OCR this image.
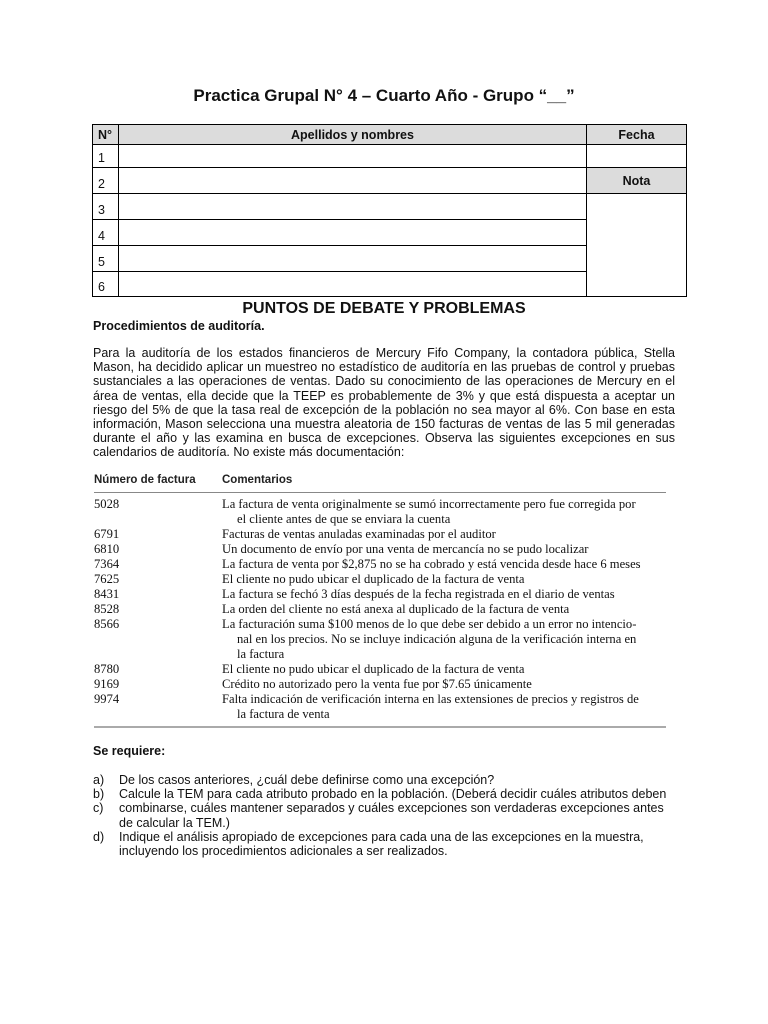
Practica Grupal N° 4 – Cuarto Año - Grupo “__”
N°	Apellidos y nombres	Fecha
1		
2		Nota
3		
4		
5		
6		
PUNTOS DE DEBATE Y PROBLEMAS
Procedimientos de auditoría.
Para la auditoría de los estados financieros de Mercury Fifo Company, la contadora pública, Stella Mason, ha decidido aplicar un muestreo no estadístico de auditoría en las pruebas de control y pruebas sustanciales a las operaciones de ventas. Dado su conocimiento de las operaciones de Mercury en el área de ventas, ella decide que la TEEP es probablemente de 3% y que está dispuesta a aceptar un riesgo del 5% de que la tasa real de excepción de la población no sea mayor al 6%. Con base en esta información, Mason selecciona una muestra aleatoria de 150 facturas de ventas de las 5 mil generadas durante el año y las examina en busca de excepciones. Observa las siguientes excepciones en sus calendarios de auditoría. No existe más documentación:
Número de factura	Comentarios
5028	La factura de venta originalmente se sumó incorrectamente pero fue corregida por
el cliente antes de que se enviara la cuenta
6791	Facturas de ventas anuladas examinadas por el auditor
6810	Un documento de envío por una venta de mercancía no se pudo localizar
7364	La factura de venta por $2,875 no se ha cobrado y está vencida desde hace 6 meses
7625	El cliente no pudo ubicar el duplicado de la factura de venta
8431	La factura se fechó 3 días después de la fecha registrada en el diario de ventas
8528	La orden del cliente no está anexa al duplicado de la factura de venta
8566	La facturación suma $100 menos de lo que debe ser debido a un error no intencio-
nal en los precios. No se incluye indicación alguna de la verificación interna en
la factura
8780	El cliente no pudo ubicar el duplicado de la factura de venta
9169	Crédito no autorizado pero la venta fue por $7.65 únicamente
9974	Falta indicación de verificación interna en las extensiones de precios y registros de
la factura de venta
Se requiere:
a)	De los casos anteriores, ¿cuál debe definirse como una excepción?
b)	Calcule la TEM para cada atributo probado en la población. (Deberá decidir cuáles atributos deben
c)	combinarse, cuáles mantener separados y cuáles excepciones son verdaderas excepciones antes de calcular la TEM.)
d)	Indique el análisis apropiado de excepciones para cada una de las excepciones en la muestra, incluyendo los procedimientos adicionales a ser realizados.
